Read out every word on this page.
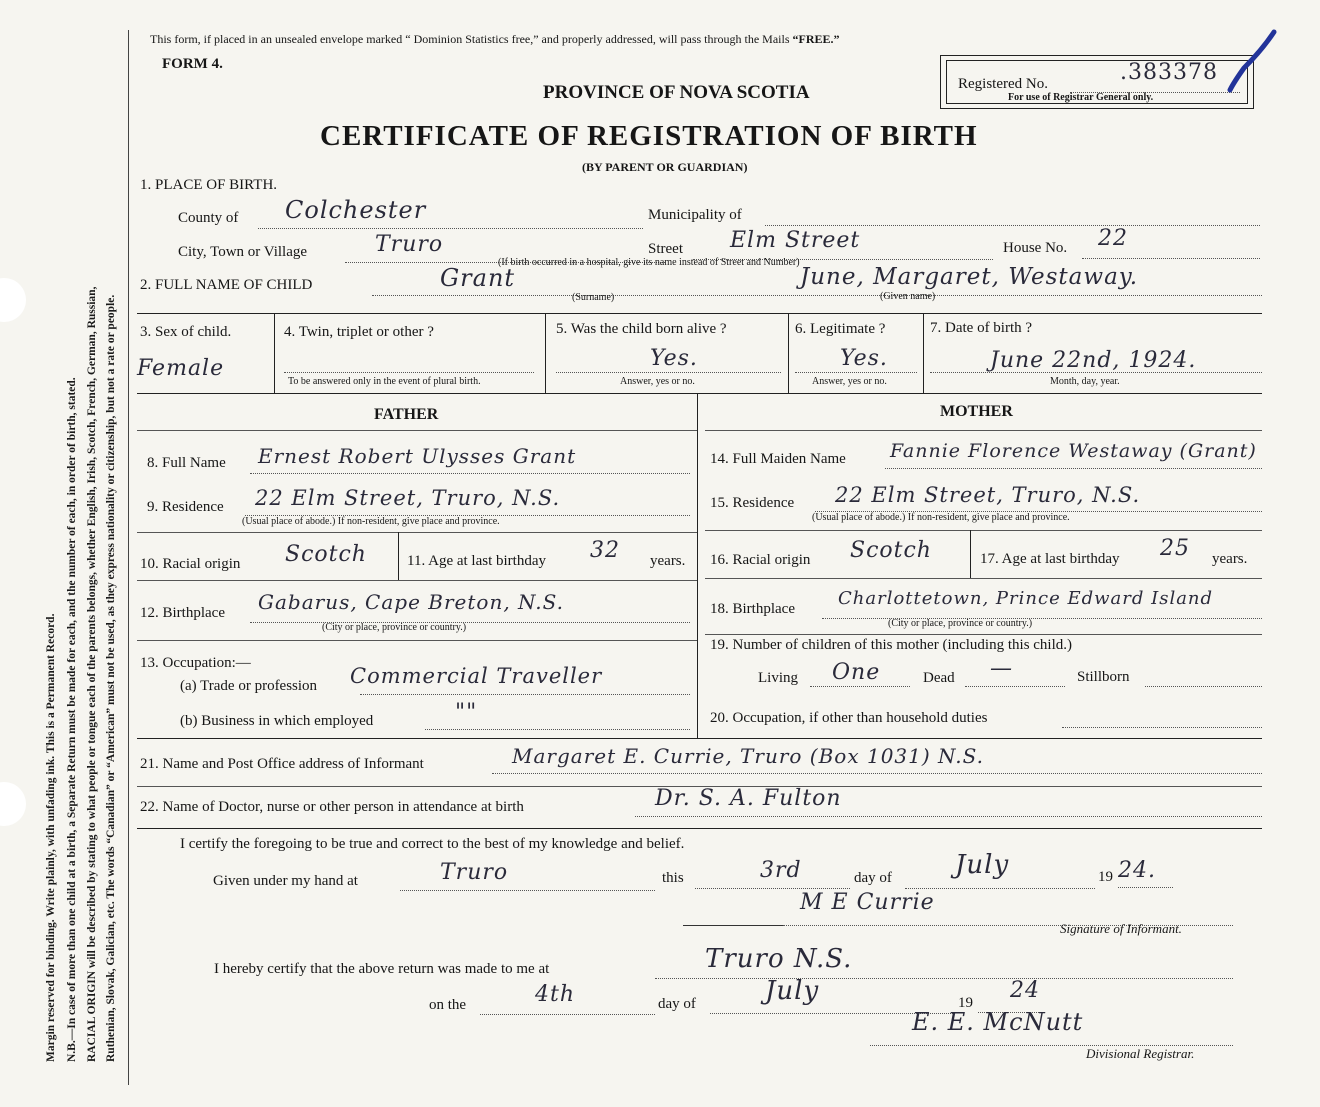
Margin reserved for binding. Write plainly, with unfading ink. This is a Permanent Record. N.B.—In case of more than one child at a birth, a Separate Return must be made for each, and the number of each, in order of birth, stated. RACIAL ORIGIN will be described by stating to what people or tongue each of the parents belongs, whether English, Irish, Scotch, French, German, Russian, Ruthenian, Slovak, Galician, etc. The words “Canadian” or “American” must not be used, as they express nationality or citizenship, but not a rate or people.
This form, if placed in an unsealed envelope marked “ Dominion Statistics free,” and properly addressed, will pass through the Mails “FREE.”
FORM 4.
PROVINCE OF NOVA SCOTIA
CERTIFICATE OF REGISTRATION OF BIRTH
(BY PARENT OR GUARDIAN)
Registered No.	.383378
For use of Registrar General only.
1. PLACE OF BIRTH.
County of Colchester	Municipality of
City, Town or Village	Truro	Street Elm Street	House No. 22
(If birth occurred in a hospital, give its name instead of Street and Number)
2. FULL NAME OF CHILD	Grant
(Surname)
June, Margaret, Westaway.
(Given name)
3. Sex of child.
Female
4. Twin, triplet or other ?
To be answered only in the event of plural birth.
5. Was the child born alive ?
Yes.
Answer, yes or no.
6. Legitimate ?
Yes.
Answer, yes or no.
7. Date of birth ?
June 22nd, 1924.
Month, day, year.
FATHER	MOTHER
8. Full Name Ernest Robert Ulysses Grant
9. Residence 22 Elm Street, Truro, N.S.
(Usual place of abode.) If non-resident, give place and province.
10. Racial origin Scotch	11. Age at last birthday 32 years.
12. Birthplace Gabarus, Cape Breton, N.S.
(City or place, province or country.)
13. Occupation:—
(a) Trade or profession Commercial Traveller
(b) Business in which employed	""
14. Full Maiden Name Fannie Florence Westaway (Grant)
15. Residence 22 Elm Street, Truro, N.S.
(Usual place of abode.) If non-resident, give place and province.
16. Racial origin Scotch	17. Age at last birthday 25 years.
18. Birthplace Charlottetown, Prince Edward Island
(City or place, province or country.)
19. Number of children of this mother (including this child.)
Living One	Dead —	Stillborn
20. Occupation, if other than household duties
21. Name and Post Office address of Informant	Margaret E. Currie, Truro (Box 1031) N.S.
22. Name of Doctor, nurse or other person in attendance at birth	Dr. S. A. Fulton
I certify the foregoing to be true and correct to the best of my knowledge and belief.
Given under my hand at	Truro	this	3rd	day of July	19 24.
M E Currie
Signature of Informant.
I hereby certify that the above return was made to me at	Truro N.S.
on the	4th	day of	July	19 24
E. E. McNutt
Divisional Registrar.
